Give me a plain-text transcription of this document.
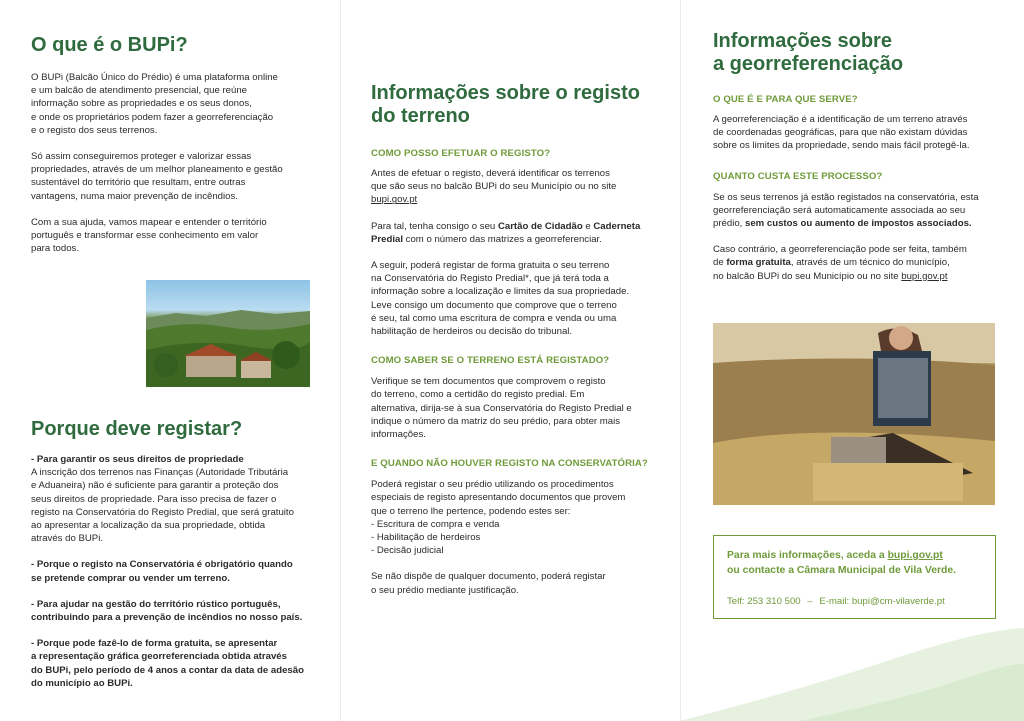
O que é o BUPi?

O BUPi (Balcão Único do Prédio) é uma plataforma online
e um balcão de atendimento presencial, que reúne
informação sobre as propriedades e os seus donos,
e onde os proprietários podem fazer a georreferenciação
e o registo dos seus terrenos.

Só assim conseguiremos proteger e valorizar essas
propriedades, através de um melhor planeamento e gestão
sustentável do território que resultam, entre outras
vantagens, numa maior prevenção de incêndios.

Com a sua ajuda, vamos mapear e entender o território
português e transformar esse conhecimento em valor
para todos.

Porque deve registar?

- Para garantir os seus direitos de propriedade
A inscrição dos terrenos nas Finanças (Autoridade Tributária
e Aduaneira) não é suficiente para garantir a proteção dos
seus direitos de propriedade. Para isso precisa de fazer o
registo na Conservatória do Registo Predial, que será gratuito
ao apresentar a localização da sua propriedade, obtida
através do BUPi.

- Porque o registo na Conservatória é obrigatório quando
se pretende comprar ou vender um terreno.

- Para ajudar na gestão do território rústico português,
contribuindo para a prevenção de incêndios no nosso país.

- Porque pode fazê-lo de forma gratuita, se apresentar
a representação gráfica georreferenciada obtida através
do BUPi, pelo período de 4 anos a contar da data de adesão
do município ao BUPi.

Informações sobre o registo
do terreno

COMO POSSO EFETUAR O REGISTO?

Antes de efetuar o registo, deverá identificar os terrenos
que são seus no balcão BUPi do seu Município ou no site
bupi.gov.pt

Para tal, tenha consigo o seu Cartão de Cidadão e Caderneta
Predial com o número das matrizes a georreferenciar.

A seguir, poderá registar de forma gratuita o seu terreno
na Conservatória do Registo Predial*, que já terá toda a
informação sobre a localização e limites da sua propriedade.
Leve consigo um documento que comprove que o terreno
é seu, tal como uma escritura de compra e venda ou uma
habilitação de herdeiros ou decisão do tribunal.

COMO SABER SE O TERRENO ESTÁ REGISTADO?

Verifique se tem documentos que comprovem o registo
do terreno, como a certidão do registo predial. Em
alternativa, dirija-se à sua Conservatória do Registo Predial e
indique o número da matriz do seu prédio, para obter mais
informações.

E QUANDO NÃO HOUVER REGISTO NA CONSERVATÓRIA?

Poderá registar o seu prédio utilizando os procedimentos
especiais de registo apresentando documentos que provem
que o terreno lhe pertence, podendo estes ser:

- Escritura de compra e venda
- Habilitação de herdeiros
- Decisão judicial

Se não dispõe de qualquer documento, poderá registar
o seu prédio mediante justificação.

Informações sobre
a georreferenciação

O QUE É E PARA QUE SERVE?

A georreferenciação é a identificação de um terreno através
de coordenadas geográficas, para que não existam dúvidas
sobre os limites da propriedade, sendo mais fácil protegê-la.

QUANTO CUSTA ESTE PROCESSO?

Se os seus terrenos já estão registados na conservatória, esta
georreferenciação será automaticamente associada ao seu
prédio, sem custos ou aumento de impostos associados.

Caso contrário, a georreferenciação pode ser feita, também
de forma gratuita, através de um técnico do município,
no balcão BUPi do seu Município ou no site bupi.gov.pt

Para mais informações, aceda a bupi.gov.pt
ou contacte a Câmara Municipal de Vila Verde.

Telf: 253 310 500 – E-mail: bupi@cm-vilaverde.pt
